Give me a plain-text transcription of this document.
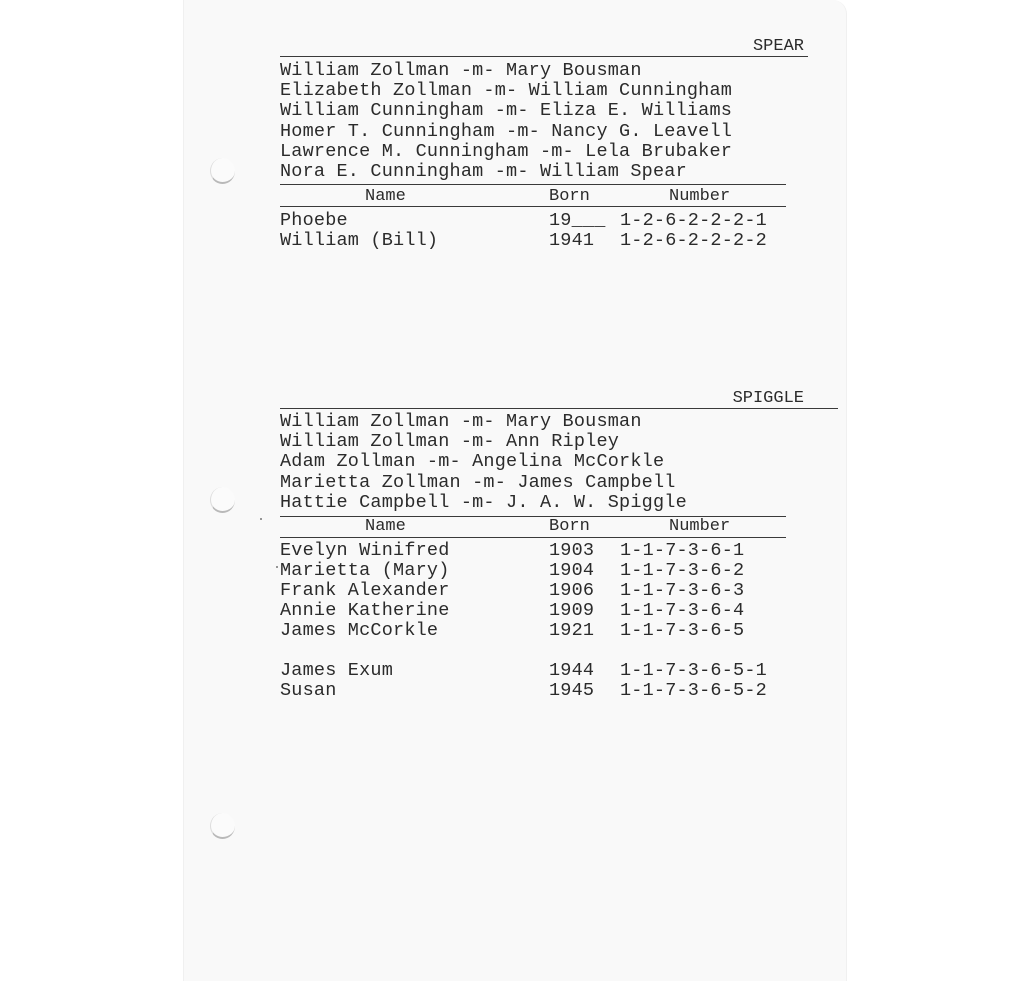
SPEAR
William Zollman -m- Mary Bousman
Elizabeth Zollman -m- William Cunningham
William Cunningham -m- Eliza E. Williams
Homer T. Cunningham -m- Nancy G. Leavell
Lawrence M. Cunningham -m- Lela Brubaker
Nora E. Cunningham -m- William Spear
Name	Born	Number
Phoebe	19___ 1-2-6-2-2-2-1
William (Bill)	1941 1-2-6-2-2-2-2
SPIGGLE
William Zollman -m- Mary Bousman
William Zollman -m- Ann Ripley
Adam Zollman -m- Angelina McCorkle
Marietta Zollman -m- James Campbell
Hattie Campbell -m- J. A. W. Spiggle
Name	Born	Number
Evelyn Winifred	1903 1-1-7-3-6-1
Marietta (Mary)	1904 1-1-7-3-6-2
Frank Alexander	1906 1-1-7-3-6-3
Annie Katherine	1909 1-1-7-3-6-4
James McCorkle	1921 1-1-7-3-6-5
James Exum	1944 1-1-7-3-6-5-1
Susan	1945 1-1-7-3-6-5-2
